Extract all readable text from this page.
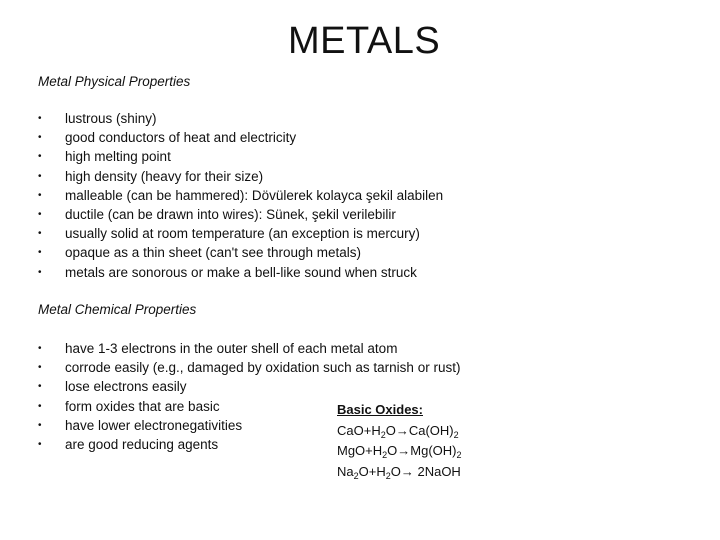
METALS
Metal Physical Properties
• lustrous (shiny)
• good conductors of heat and electricity
• high melting point
• high density (heavy for their size)
• malleable (can be hammered): Dövülerek kolayca şekil alabilen
• ductile (can be drawn into wires): Sünek, şekil verilebilir
• usually solid at room temperature (an exception is mercury)
• opaque as a thin sheet (can't see through metals)
• metals are sonorous or make a bell-like sound when struck
Metal Chemical Properties
• have 1-3 electrons in the outer shell of each metal atom
• corrode easily (e.g., damaged by oxidation such as tarnish or rust)
• lose electrons easily
• form oxides that are basic
• have lower electronegativities
• are good reducing agents
Basic Oxides:
$CaO+H_2O\to Ca(OH)_2$
$MgO+H_2O\to Mg(OH)_2$
$Na_2O+H_2O\to$ 2NaOH
